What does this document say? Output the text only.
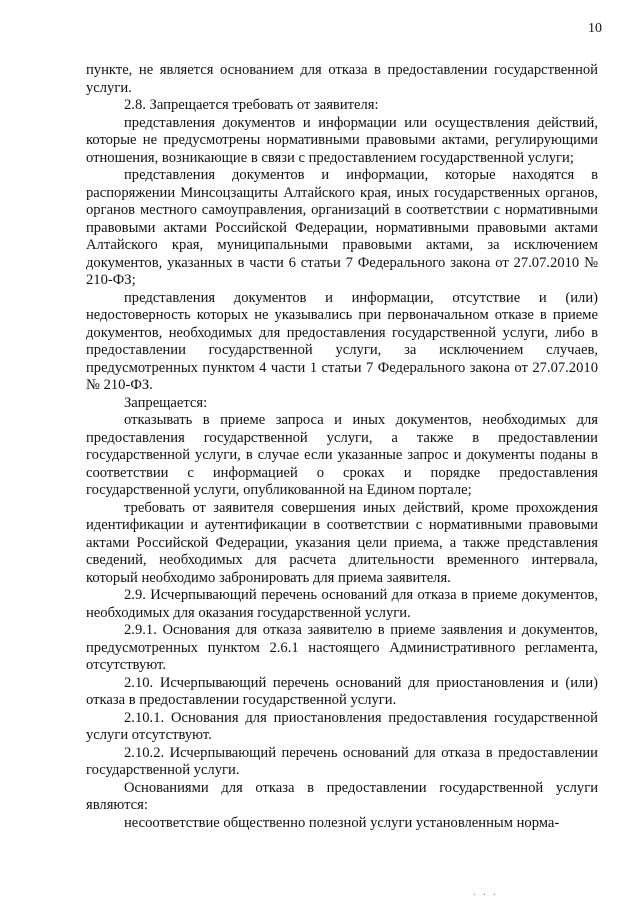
10

пункте, не является основанием для отказа в предоставлении государственной услуги.

2.8. Запрещается требовать от заявителя:

представления документов и информации или осуществления действий, которые не предусмотрены нормативными правовыми актами, регулирующими отношения, возникающие в связи с предоставлением государственной услуги;

представления документов и информации, которые находятся в распоряжении Минсоцзащиты Алтайского края, иных государственных органов, органов местного самоуправления, организаций в соответствии с нормативными правовыми актами Российской Федерации, нормативными правовыми актами Алтайского края, муниципальными правовыми актами, за исключением документов, указанных в части 6 статьи 7 Федерального закона от 27.07.2010 № 210-ФЗ;

представления документов и информации, отсутствие и (или) недостоверность которых не указывались при первоначальном отказе в приеме документов, необходимых для предоставления государственной услуги, либо в предоставлении государственной услуги, за исключением случаев, предусмотренных пунктом 4 части 1 статьи 7 Федерального закона от 27.07.2010 № 210-ФЗ.

Запрещается:

отказывать в приеме запроса и иных документов, необходимых для предоставления государственной услуги, а также в предоставлении государственной услуги, в случае если указанные запрос и документы поданы в соответствии с информацией о сроках и порядке предоставления государственной услуги, опубликованной на Едином портале;

требовать от заявителя совершения иных действий, кроме прохождения идентификации и аутентификации в соответствии с нормативными правовыми актами Российской Федерации, указания цели приема, а также представления сведений, необходимых для расчета длительности временного интервала, который необходимо забронировать для приема заявителя.

2.9. Исчерпывающий перечень оснований для отказа в приеме документов, необходимых для оказания государственной услуги.

2.9.1. Основания для отказа заявителю в приеме заявления и документов, предусмотренных пунктом 2.6.1 настоящего Административного регламента, отсутствуют.

2.10. Исчерпывающий перечень оснований для приостановления и (или) отказа в предоставлении государственной услуги.

2.10.1. Основания для приостановления предоставления государственной услуги отсутствуют.

2.10.2. Исчерпывающий перечень оснований для отказа в предоставлении государственной услуги.

Основаниями для отказа в предоставлении государственной услуги являются:

несоответствие общественно полезной услуги установленным норма-

· · ·
